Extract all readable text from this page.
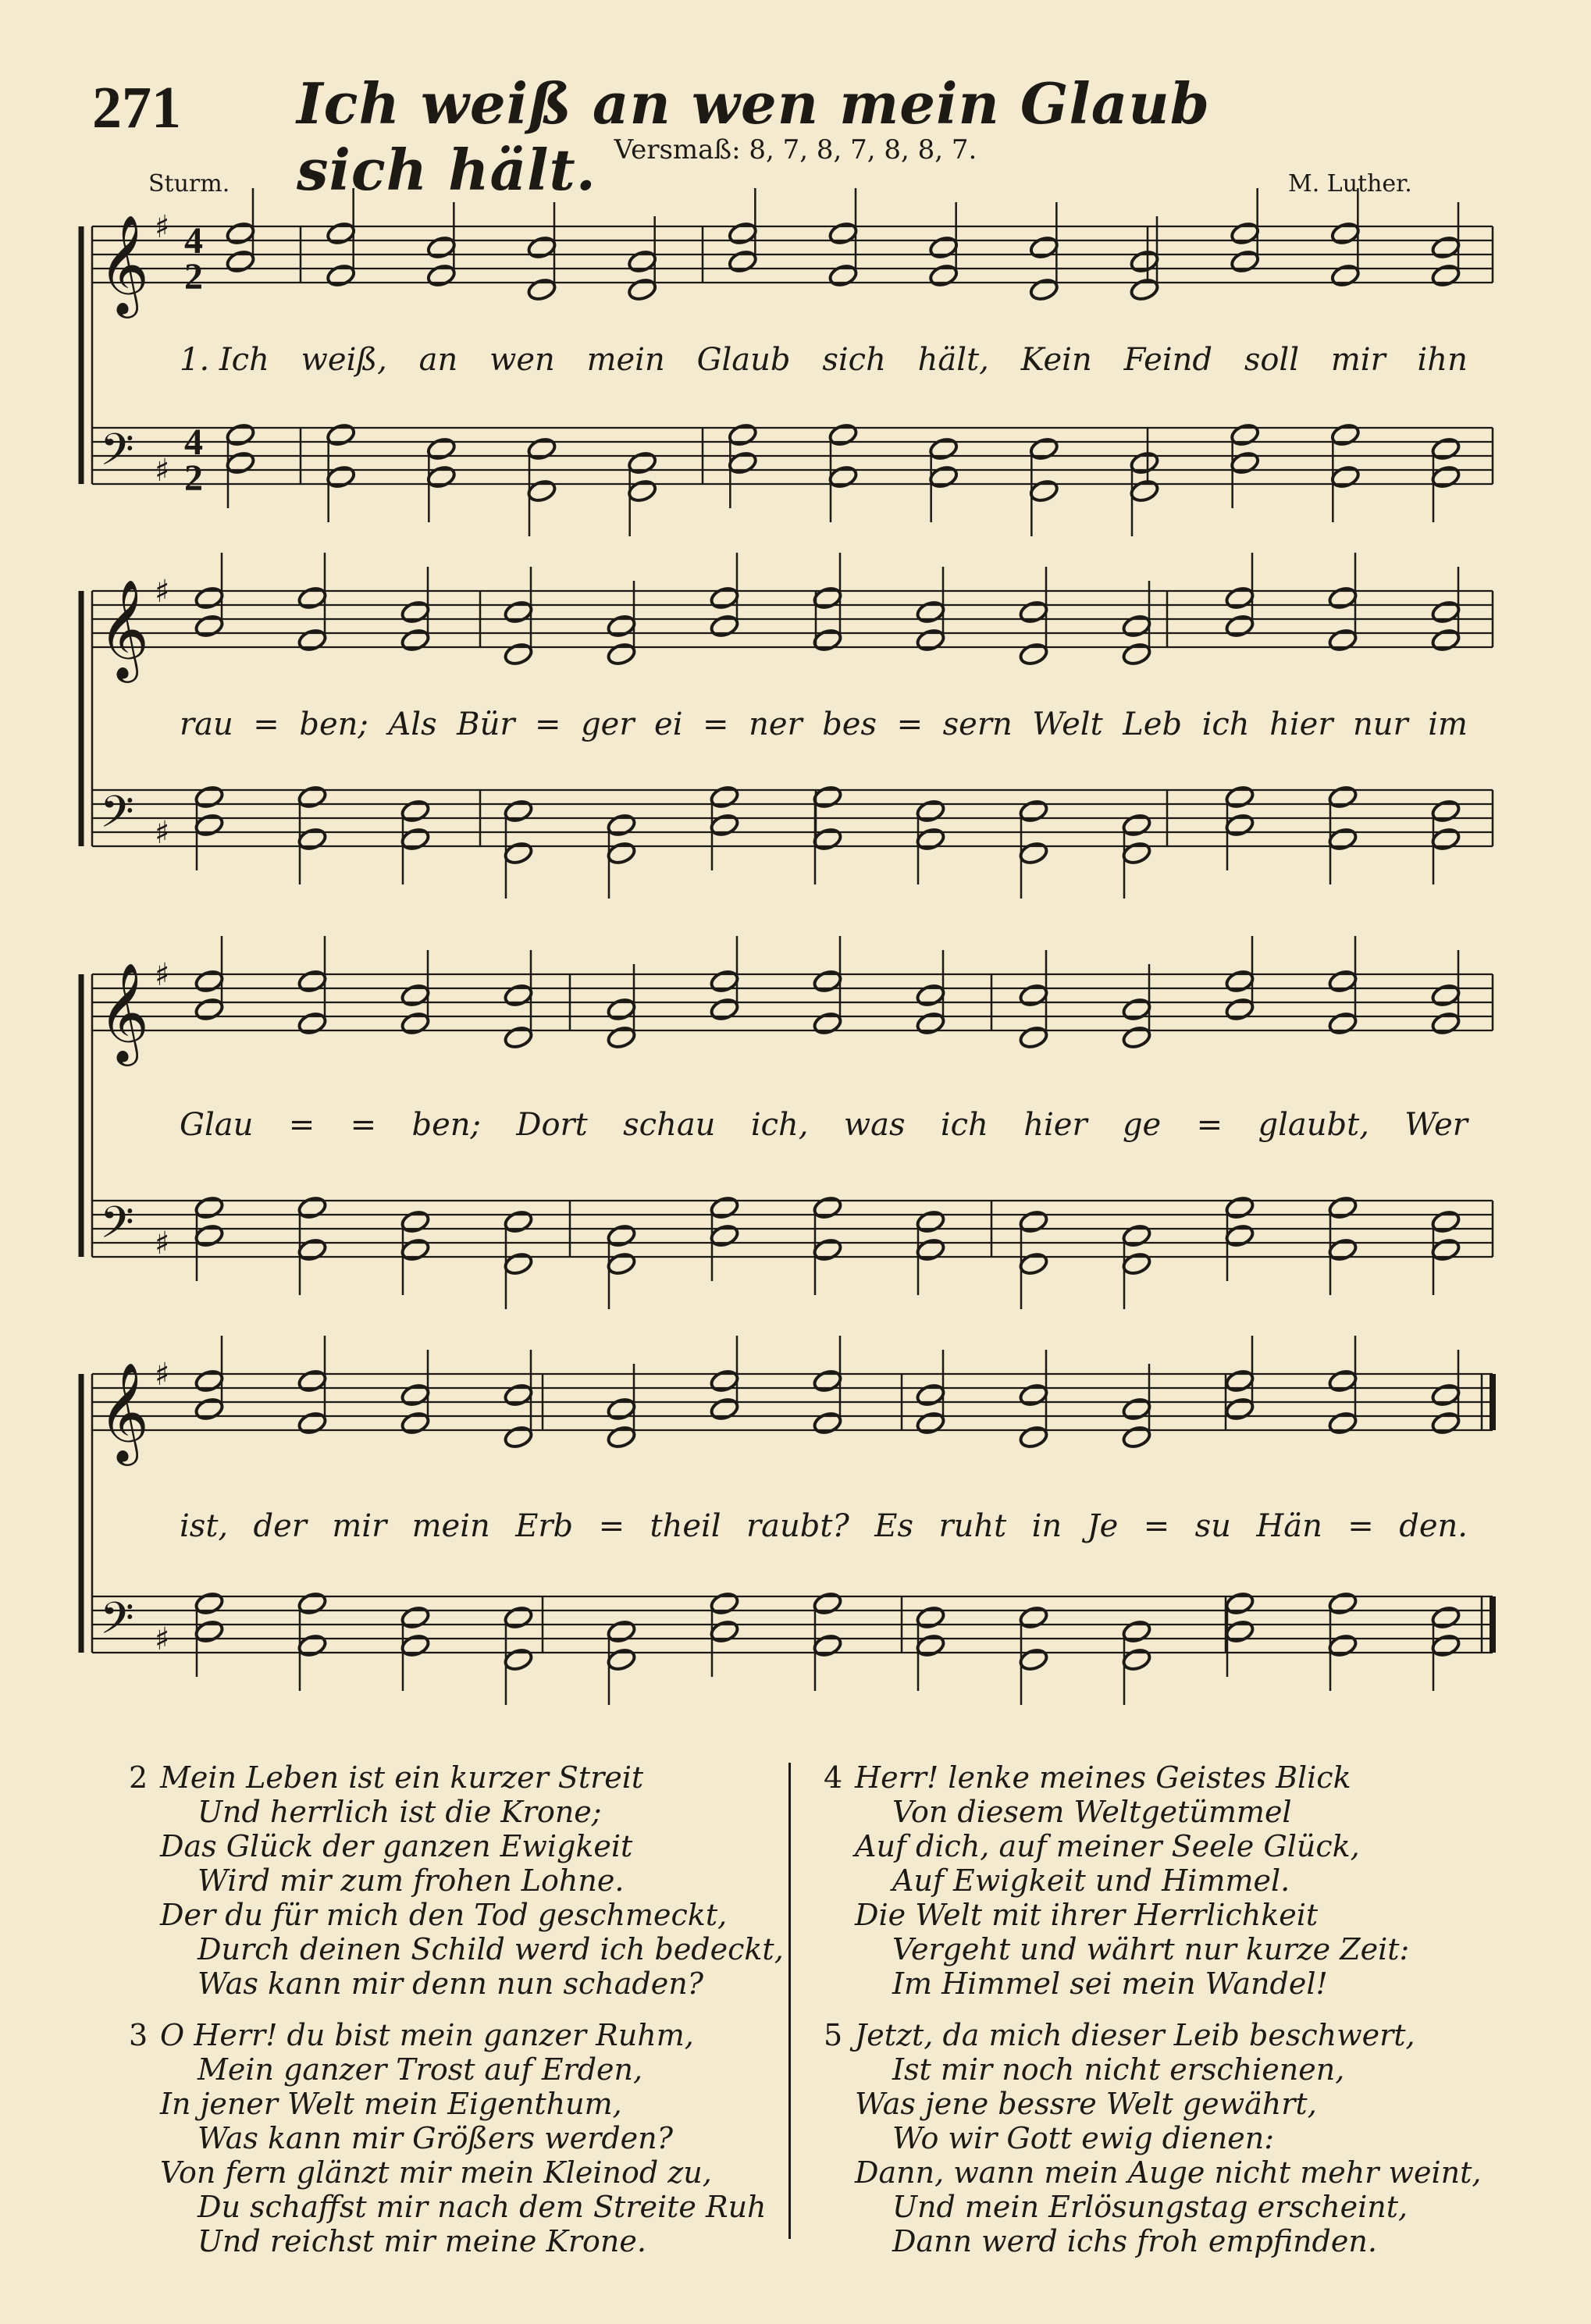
271 Ich weiß an wen mein Glaub sich hält. Versmaß: 8, 7, 8, 7, 8, 8, 7.
Sturm.	M. Luther.
𝄞
𝄢
♯
♯
4
2
4
2
𝄞
𝄢
♯
♯
𝄞
𝄢
♯
♯
𝄞
𝄢
♯
♯
1. Ich weiß, an wen mein Glaub sich hält, Kein Feind soll mir ihn
rau = ben; Als Bür = ger ei = ner bes = sern Welt Leb ich hier nur im
Glau = = ben; Dort schau ich, was ich hier ge = glaubt, Wer
ist, der mir mein Erb = theil raubt? Es ruht in Je = su Hän = den.
2 Mein Leben ist ein kurzer Streit
Und herrlich ist die Krone;
Das Glück der ganzen Ewigkeit
Wird mir zum frohen Lohne.
Der du für mich den Tod geschmeckt,
Durch deinen Schild werd ich bedeckt,
Was kann mir denn nun schaden?
3 O Herr! du bist mein ganzer Ruhm,
Mein ganzer Trost auf Erden,
In jener Welt mein Eigenthum,
Was kann mir Größers werden?
Von fern glänzt mir mein Kleinod zu,
Du schaffst mir nach dem Streite Ruh
Und reichst mir meine Krone.
4 Herr! lenke meines Geistes Blick
Von diesem Weltgetümmel
Auf dich, auf meiner Seele Glück,
Auf Ewigkeit und Himmel.
Die Welt mit ihrer Herrlichkeit
Vergeht und währt nur kurze Zeit:
Im Himmel sei mein Wandel!
5 Jetzt, da mich dieser Leib beschwert,
Ist mir noch nicht erschienen,
Was jene bessre Welt gewährt,
Wo wir Gott ewig dienen:
Dann, wann mein Auge nicht mehr weint,
Und mein Erlösungstag erscheint,
Dann werd ichs froh empfinden.
